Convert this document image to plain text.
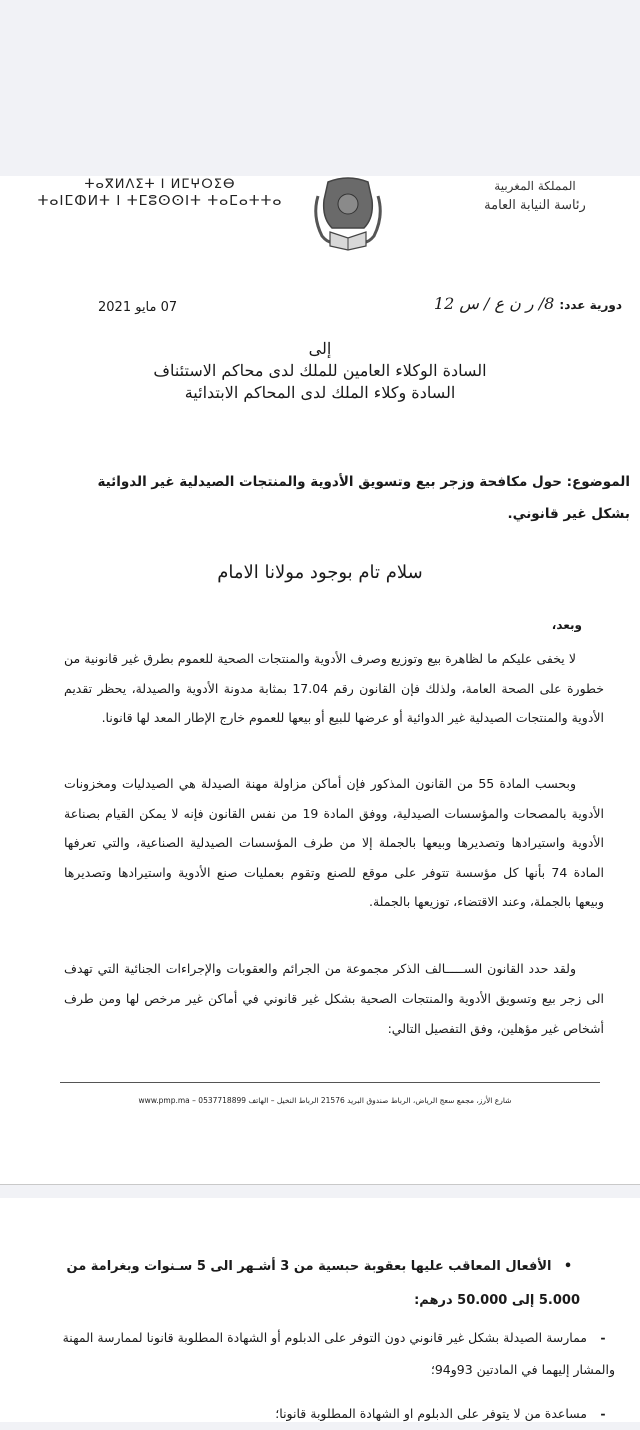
ⵜⴰⴳⵍⴷⵉⵜ ⵏ ⵍⵎⵖⵔⵉⴱ
ⵜⴰⵏⵎⵀⵍⵜ ⵏ ⵜⵎⵓⵙⵙⵏⵜ ⵜⴰⵎⴰⵜⵜⴰ
المملكة المغربية
رئاسة النيابة العامة
دورية عدد: 8/ ر ن ع / س 12
07 مايو 2021
إلى
السادة الوكلاء العامين للملك لدى محاكم الاستئناف
السادة وكلاء الملك لدى المحاكم الابتدائية
الموضوع: حول مكافحة وزجر بيع وتسويق الأدوية والمنتجات الصيدلية غير الدوائية بشكل غير قانوني.
سلام تام بوجود مولانا الامام
وبعد،
لا يخفى عليكم ما لظاهرة بيع وتوزيع وصرف الأدوية والمنتجات الصحية للعموم بطرق غير قانونية من خطورة على الصحة العامة، ولذلك فإن القانون رقم 17.04 بمثابة مدونة الأدوية والصيدلة، يحظر تقديم الأدوية والمنتجات الصيدلية غير الدوائية أو عرضها للبيع أو بيعها للعموم خارج الإطار المعد لها قانونا.
وبحسب المادة 55 من القانون المذكور فإن أماكن مزاولة مهنة الصيدلة هي الصيدليات ومخزونات الأدوية بالمصحات والمؤسسات الصيدلية، ووفق المادة 19 من نفس القانون فإنه لا يمكن القيام بصناعة الأدوية واستيرادها وتصديرها وبيعها بالجملة إلا من طرف المؤسسات الصيدلية الصناعية، والتي تعرفها المادة 74 بأنها كل مؤسسة تتوفر على موقع للصنع وتقوم بعمليات صنع الأدوية واستيرادها وتصديرها وبيعها بالجملة، وعند الاقتضاء، توزيعها بالجملة.
ولقد حدد القانون الســـــالف الذكر مجموعة من الجرائم والعقوبات والإجراءات الجنائية التي تهدف الى زجر بيع وتسويق الأدوية والمنتجات الصحية بشكل غير قانوني في أماكن غير مرخص لها ومن طرف أشخاص غير مؤهلين، وفق التفصيل التالي:
شارع الأرز، مجمع سعج الرياض، الرباط صندوق البريد 21576 الرباط النخيل – الهاتف 0537718899 – www.pmp.ma
• الأفعال المعاقب عليها بعقوبة حبسية من 3 أشـهر الى 5 سـنوات وبغرامة من 5.000 إلى 50.000 درهم:
- ممارسة الصيدلة بشكل غير قانوني دون التوفر على الدبلوم أو الشهادة المطلوبة قانونا لممارسة المهنة والمشار إليهما في المادتين 93و94؛
- مساعدة من لا يتوفر على الدبلوم او الشهادة المطلوبة قانونا؛
